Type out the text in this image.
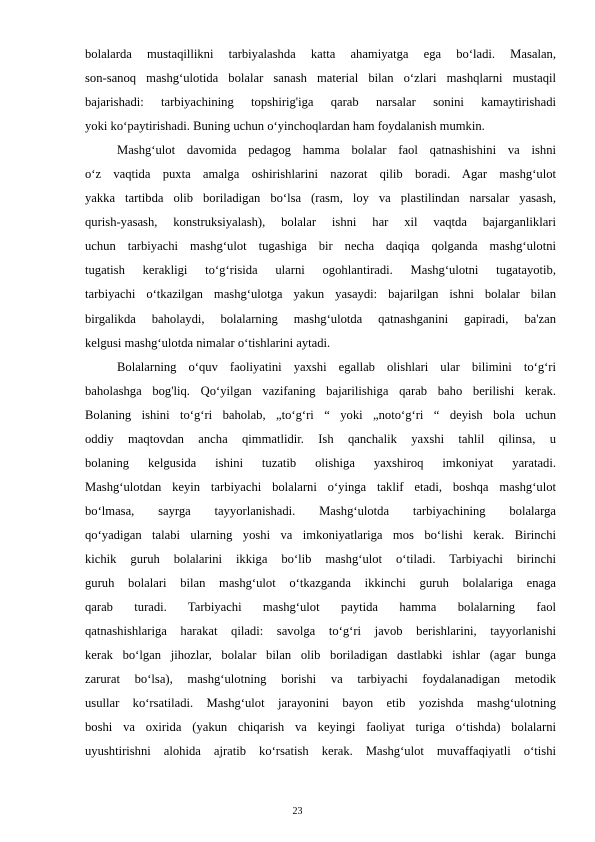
bolalarda mustaqillikni tarbiyalashda katta ahamiyatga ega bo‘ladi. Masalan,
son-sanoq mashg‘ulotida bolalar sanash material bilan o‘zlari mashqlarni mustaqil
bajarishadi: tarbiyachining topshirig'iga qarab narsalar sonini kamaytirishadi
yoki ko‘paytirishadi. Buning uchun o‘yinchoqlardan ham foydalanish mumkin.
Mashg‘ulot davomida pedagog hamma bolalar faol qatnashishini va ishni
o‘z vaqtida puxta amalga oshirishlarini nazorat qilib boradi. Agar mashg‘ulot
yakka tartibda olib boriladigan bo‘lsa (rasm, loy va plastilindan narsalar yasash,
qurish-yasash, konstruksiyalash), bolalar ishni har xil vaqtda bajarganliklari
uchun tarbiyachi mashg‘ulot tugashiga bir necha daqiqa qolganda mashg‘ulotni
tugatish kerakligi to‘g‘risida ularni ogohlantiradi. Mashg‘ulotni tugatayotib,
tarbiyachi o‘tkazilgan mashg‘ulotga yakun yasaydi: bajarilgan ishni bolalar bilan
birgalikda baholaydi, bolalarning mashg‘ulotda qatnashganini gapiradi, ba'zan
kelgusi mashg‘ulotda nimalar o‘tishlarini aytadi.
Bolalarning o‘quv faoliyatini yaxshi egallab olishlari ular bilimini to‘g‘ri
baholashga bog'liq. Qo‘yilgan vazifaning bajarilishiga qarab baho berilishi kerak.
Bolaning ishini to‘g‘ri baholab, „to‘g‘ri “ yoki „noto‘g‘ri “ deyish bola uchun
oddiy maqtovdan ancha qimmatlidir. Ish qanchalik yaxshi tahlil qilinsa, u
bolaning kelgusida ishini tuzatib olishiga yaxshiroq imkoniyat yaratadi.
Mashg‘ulotdan keyin tarbiyachi bolalarni o‘yinga taklif etadi, boshqa mashg‘ulot
bo‘lmasa, sayrga tayyorlanishadi. Mashg‘ulotda tarbiyachining bolalarga
qo‘yadigan talabi ularning yoshi va imkoniyatlariga mos bo‘lishi kerak. Birinchi
kichik guruh bolalarini ikkiga bo‘lib mashg‘ulot o‘tiladi. Tarbiyachi birinchi
guruh bolalari bilan mashg‘ulot o‘tkazganda ikkinchi guruh bolalariga enaga
qarab turadi. Tarbiyachi mashg‘ulot paytida hamma bolalarning faol
qatnashishlariga harakat qiladi: savolga to‘g‘ri javob berishlarini, tayyorlanishi
kerak bo‘lgan jihozlar, bolalar bilan olib boriladigan dastlabki ishlar (agar bunga
zarurat bo‘lsa), mashg‘ulotning borishi va tarbiyachi foydalanadigan metodik
usullar ko‘rsatiladi. Mashg‘ulot jarayonini bayon etib yozishda mashg‘ulotning
boshi va oxirida (yakun chiqarish va keyingi faoliyat turiga o‘tishda) bolalarni
uyushtirishni alohida ajratib ko‘rsatish kerak. Mashg‘ulot muvaffaqiyatli o‘tishi
23
